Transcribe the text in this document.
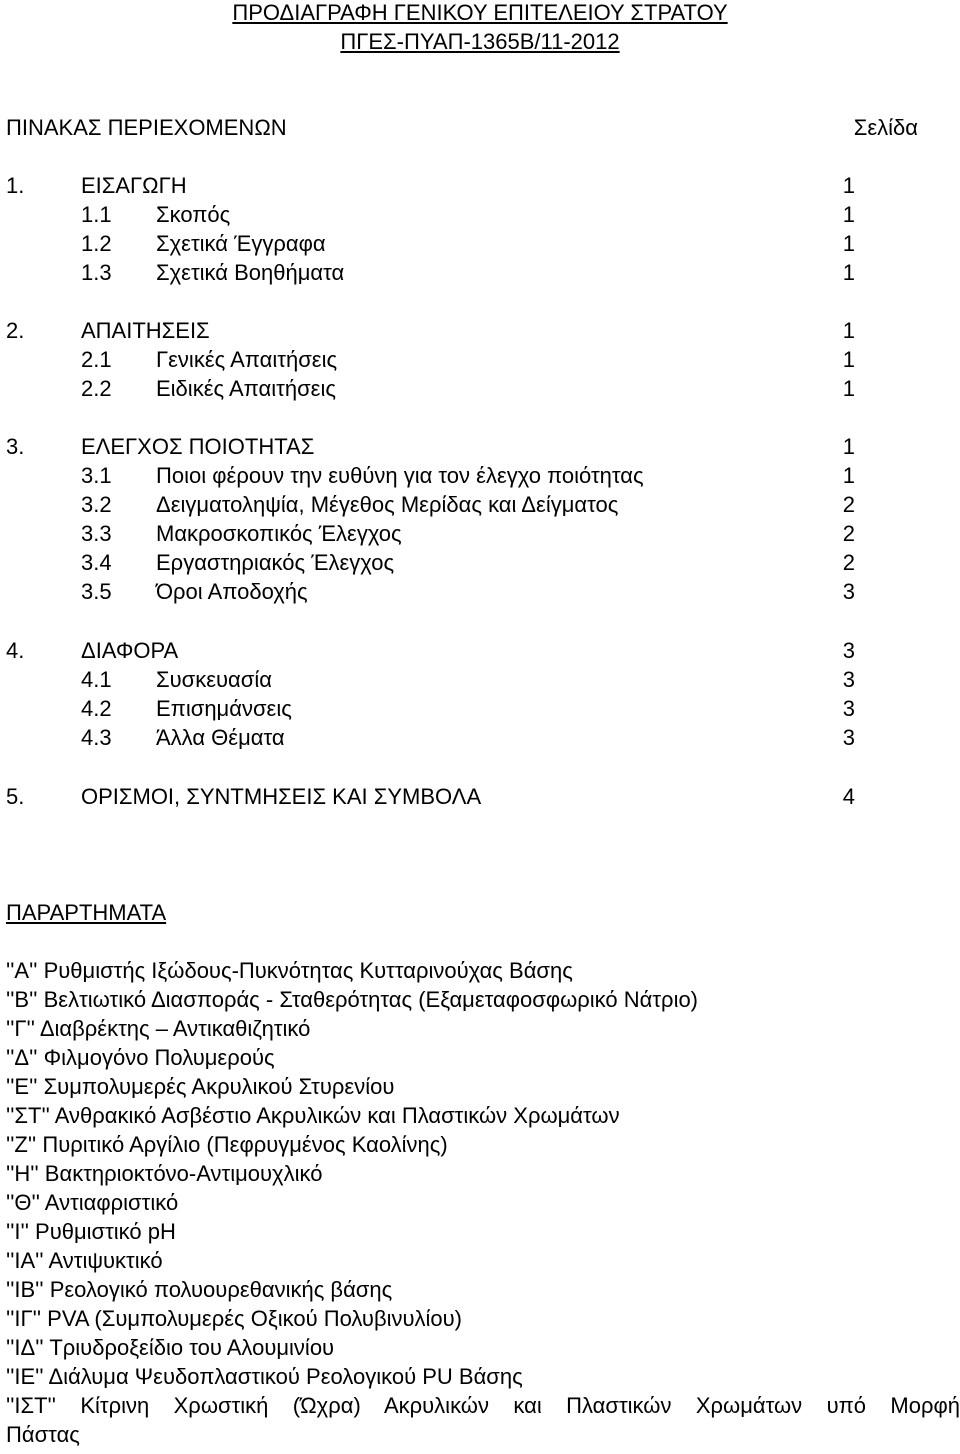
ΠΡΟΔΙΑΓΡΑΦΗ ΓΕΝΙΚΟΥ ΕΠΙΤΕΛΕΙΟΥ ΣΤΡΑΤΟΥ
ΠΓΕΣ-ΠΥΑΠ-1365Β/11-2012
ΠΙΝΑΚΑΣ ΠΕΡΙΕΧΟΜΕΝΩΝ	Σελίδα
1.	ΕΙΣΑΓΩΓΗ	1
1.1 Σκοπός	1
1.2 Σχετικά Έγγραφα	1
1.3 Σχετικά Βοηθήματα	1
2.	ΑΠΑΙΤΗΣΕΙΣ	1
2.1 Γενικές Απαιτήσεις	1
2.2 Ειδικές Απαιτήσεις	1
3.	ΕΛΕΓΧΟΣ ΠΟΙΟΤΗΤΑΣ	1
3.1 Ποιοι φέρουν την ευθύνη για τον έλεγχο ποιότητας	1
3.2 Δειγματοληψία, Μέγεθος Μερίδας και Δείγματος	2
3.3 Μακροσκοπικός Έλεγχος	2
3.4 Εργαστηριακός Έλεγχος	2
3.5 Όροι Αποδοχής	3
4.	ΔΙΑΦΟΡΑ	3
4.1 Συσκευασία	3
4.2 Επισημάνσεις	3
4.3 Άλλα Θέματα	3
5.	ΟΡΙΣΜΟΙ, ΣΥΝΤΜΗΣΕΙΣ ΚΑΙ ΣΥΜΒΟΛΑ	4
ΠΑΡΑΡΤΗΜΑΤΑ
''Α'' Ρυθμιστής Ιξώδους-Πυκνότητας Κυτταρινούχας Βάσης
''Β'' Βελτιωτικό Διασποράς - Σταθερότητας (Εξαμεταφοσφωρικό Νάτριο)
''Γ'' Διαβρέκτης – Αντικαθιζητικό
''Δ'' Φιλμογόνο Πολυμερούς
''Ε'' Συμπολυμερές Ακρυλικού Στυρενίου
''ΣΤ'' Ανθρακικό Ασβέστιο Ακρυλικών και Πλαστικών Χρωμάτων
''Ζ'' Πυριτικό Αργίλιο (Πεφρυγμένος Καολίνης)
''Η'' Βακτηριοκτόνο-Αντιμουχλικό
''Θ'' Αντιαφριστικό
''Ι'' Ρυθμιστικό pH
''ΙΑ'' Αντιψυκτικό
''ΙΒ'' Ρεολογικό πολυουρεθανικής βάσης
''ΙΓ'' PVA (Συμπολυμερές Οξικού Πολυβινυλίου)
''ΙΔ'' Τριυδροξείδιο του Αλουμινίου
''ΙΕ'' Διάλυμα Ψευδοπλαστικού Ρεολογικού PU Βάσης
''ΙΣΤ'' Κίτρινη Χρωστική (Ώχρα) Ακρυλικών και Πλαστικών Χρωμάτων υπό Μορφή
Πάστας
